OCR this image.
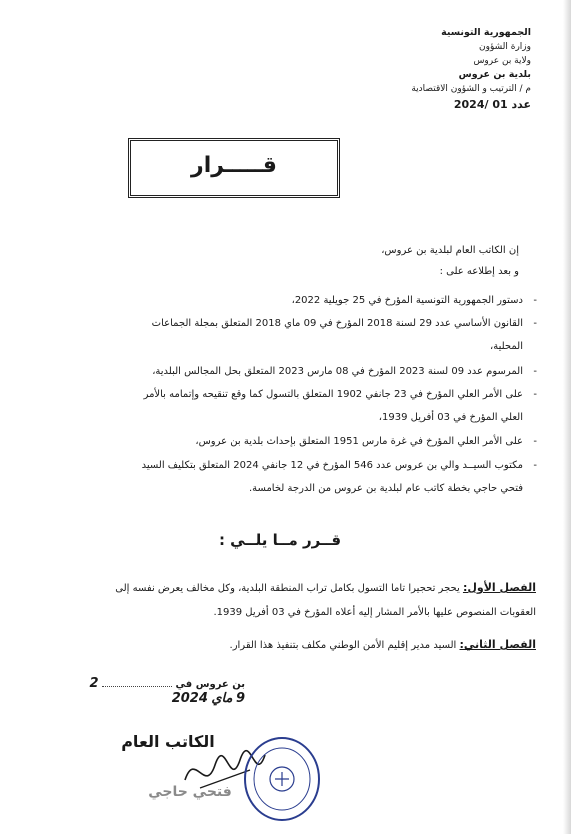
الجمهورية التونسية
وزارة الشؤون
ولاية بن عروس
بلدية بن عروس
م / الترتيب و الشؤون الاقتصادية
عدد 01 /2024
قـــــرار
إن الكاتب العام لبلدية بن عروس،
و بعد إطلاعه على :
-
دستور الجمهورية التونسية المؤرخ في 25 جويلية 2022،
-
القانون الأساسي عدد 29 لسنة 2018 المؤرخ في 09 ماي 2018 المتعلق بمجلة الجماعات
المحلية،
-
المرسوم عدد 09 لسنة 2023 المؤرخ في 08 مارس 2023 المتعلق بحل المجالس البلدية،
-
على الأمر العلي المؤرخ في 23 جانفي 1902 المتعلق بالتسول كما وقع تنقيحه وإتمامه بالأمر
العلي المؤرخ في 03 أفريل 1939،
-
على الأمر العلي المؤرخ في غرة مارس 1951 المتعلق بإحداث بلدية بن عروس،
-
مكتوب السيــد والي بن عروس عدد 546 المؤرخ في 12 جانفي 2024 المتعلق بتكليف السيد
فتحي حاجي بخطة كاتب عام لبلدية بن عروس من الدرجة لخامسة.
قــرر مــا يلــي :
الفصل الأول: يحجر تحجيرا تاما التسول بكامل تراب المنطقة البلدية، وكل مخالف يعرض نفسه إلى
العقوبات المنصوص عليها بالأمر المشار إليه أعلاه المؤرخ في 03 أفريل 1939.
الفصل الثاني: السيد مدير إقليم الأمن الوطني مكلف بتنفيذ هذا القرار.
بن عروس في  2 9 ماي 2024
الكاتب العام
فتحي حاجي
